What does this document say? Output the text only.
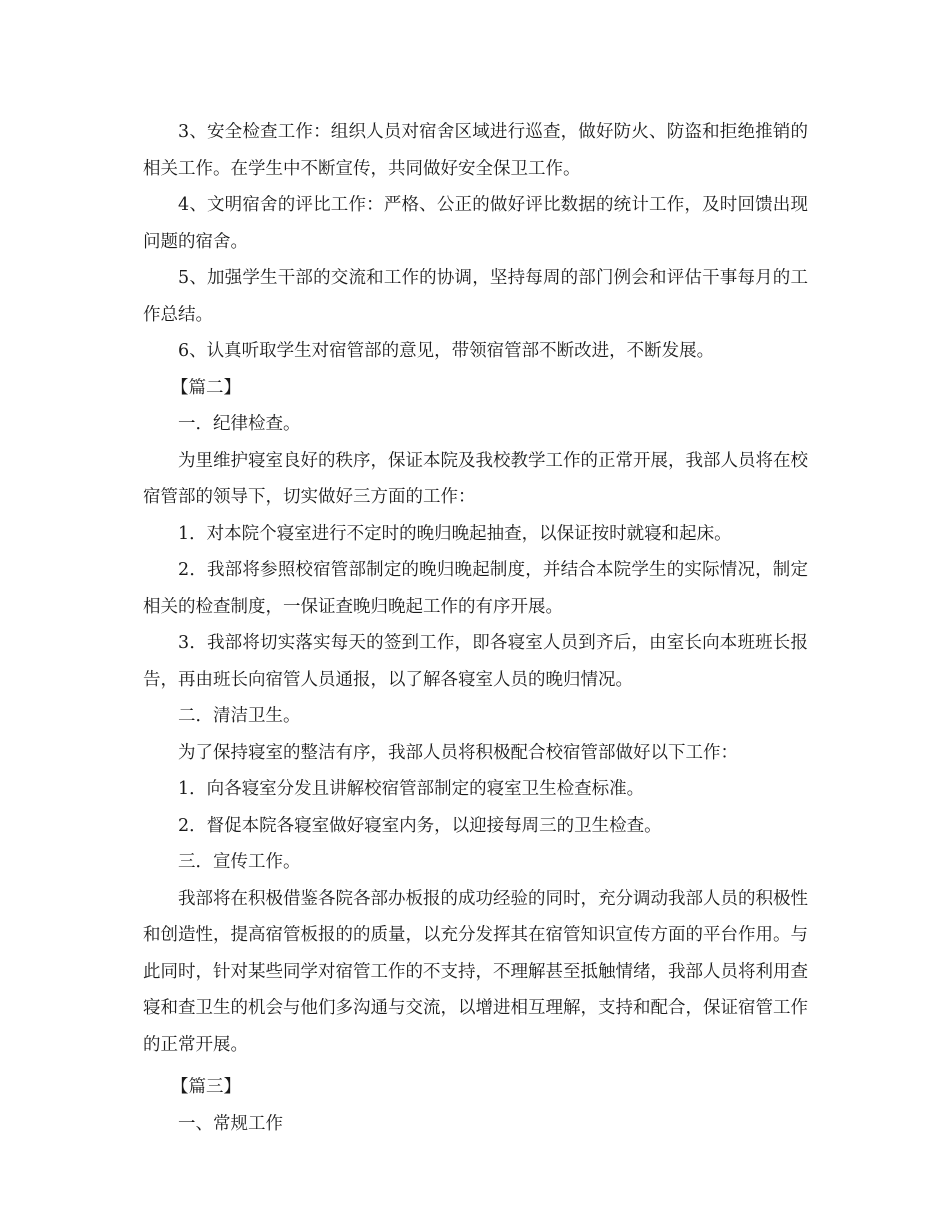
3、安全检查工作：组织人员对宿舍区域进行巡查，做好防火、防盗和拒绝推销的相关工作。在学生中不断宣传，共同做好安全保卫工作。

4、文明宿舍的评比工作：严格、公正的做好评比数据的统计工作，及时回馈出现问题的宿舍。

5、加强学生干部的交流和工作的协调，坚持每周的部门例会和评估干事每月的工作总结。

6、认真听取学生对宿管部的意见，带领宿管部不断改进，不断发展。

【篇二】

一．纪律检查。

为里维护寝室良好的秩序，保证本院及我校教学工作的正常开展，我部人员将在校宿管部的领导下，切实做好三方面的工作：

1．对本院个寝室进行不定时的晚归晚起抽查，以保证按时就寝和起床。

2．我部将参照校宿管部制定的晚归晚起制度，并结合本院学生的实际情况，制定相关的检查制度，一保证查晚归晚起工作的有序开展。

3．我部将切实落实每天的签到工作，即各寝室人员到齐后，由室长向本班班长报告，再由班长向宿管人员通报，以了解各寝室人员的晚归情况。

二．清洁卫生。

为了保持寝室的整洁有序，我部人员将积极配合校宿管部做好以下工作：

1．向各寝室分发且讲解校宿管部制定的寝室卫生检查标准。

2．督促本院各寝室做好寝室内务，以迎接每周三的卫生检查。

三．宣传工作。

我部将在积极借鉴各院各部办板报的成功经验的同时，充分调动我部人员的积极性和创造性，提高宿管板报的的质量，以充分发挥其在宿管知识宣传方面的平台作用。与此同时，针对某些同学对宿管工作的不支持，不理解甚至抵触情绪，我部人员将利用查寝和查卫生的机会与他们多沟通与交流，以增进相互理解，支持和配合，保证宿管工作的正常开展。

【篇三】

一、常规工作
